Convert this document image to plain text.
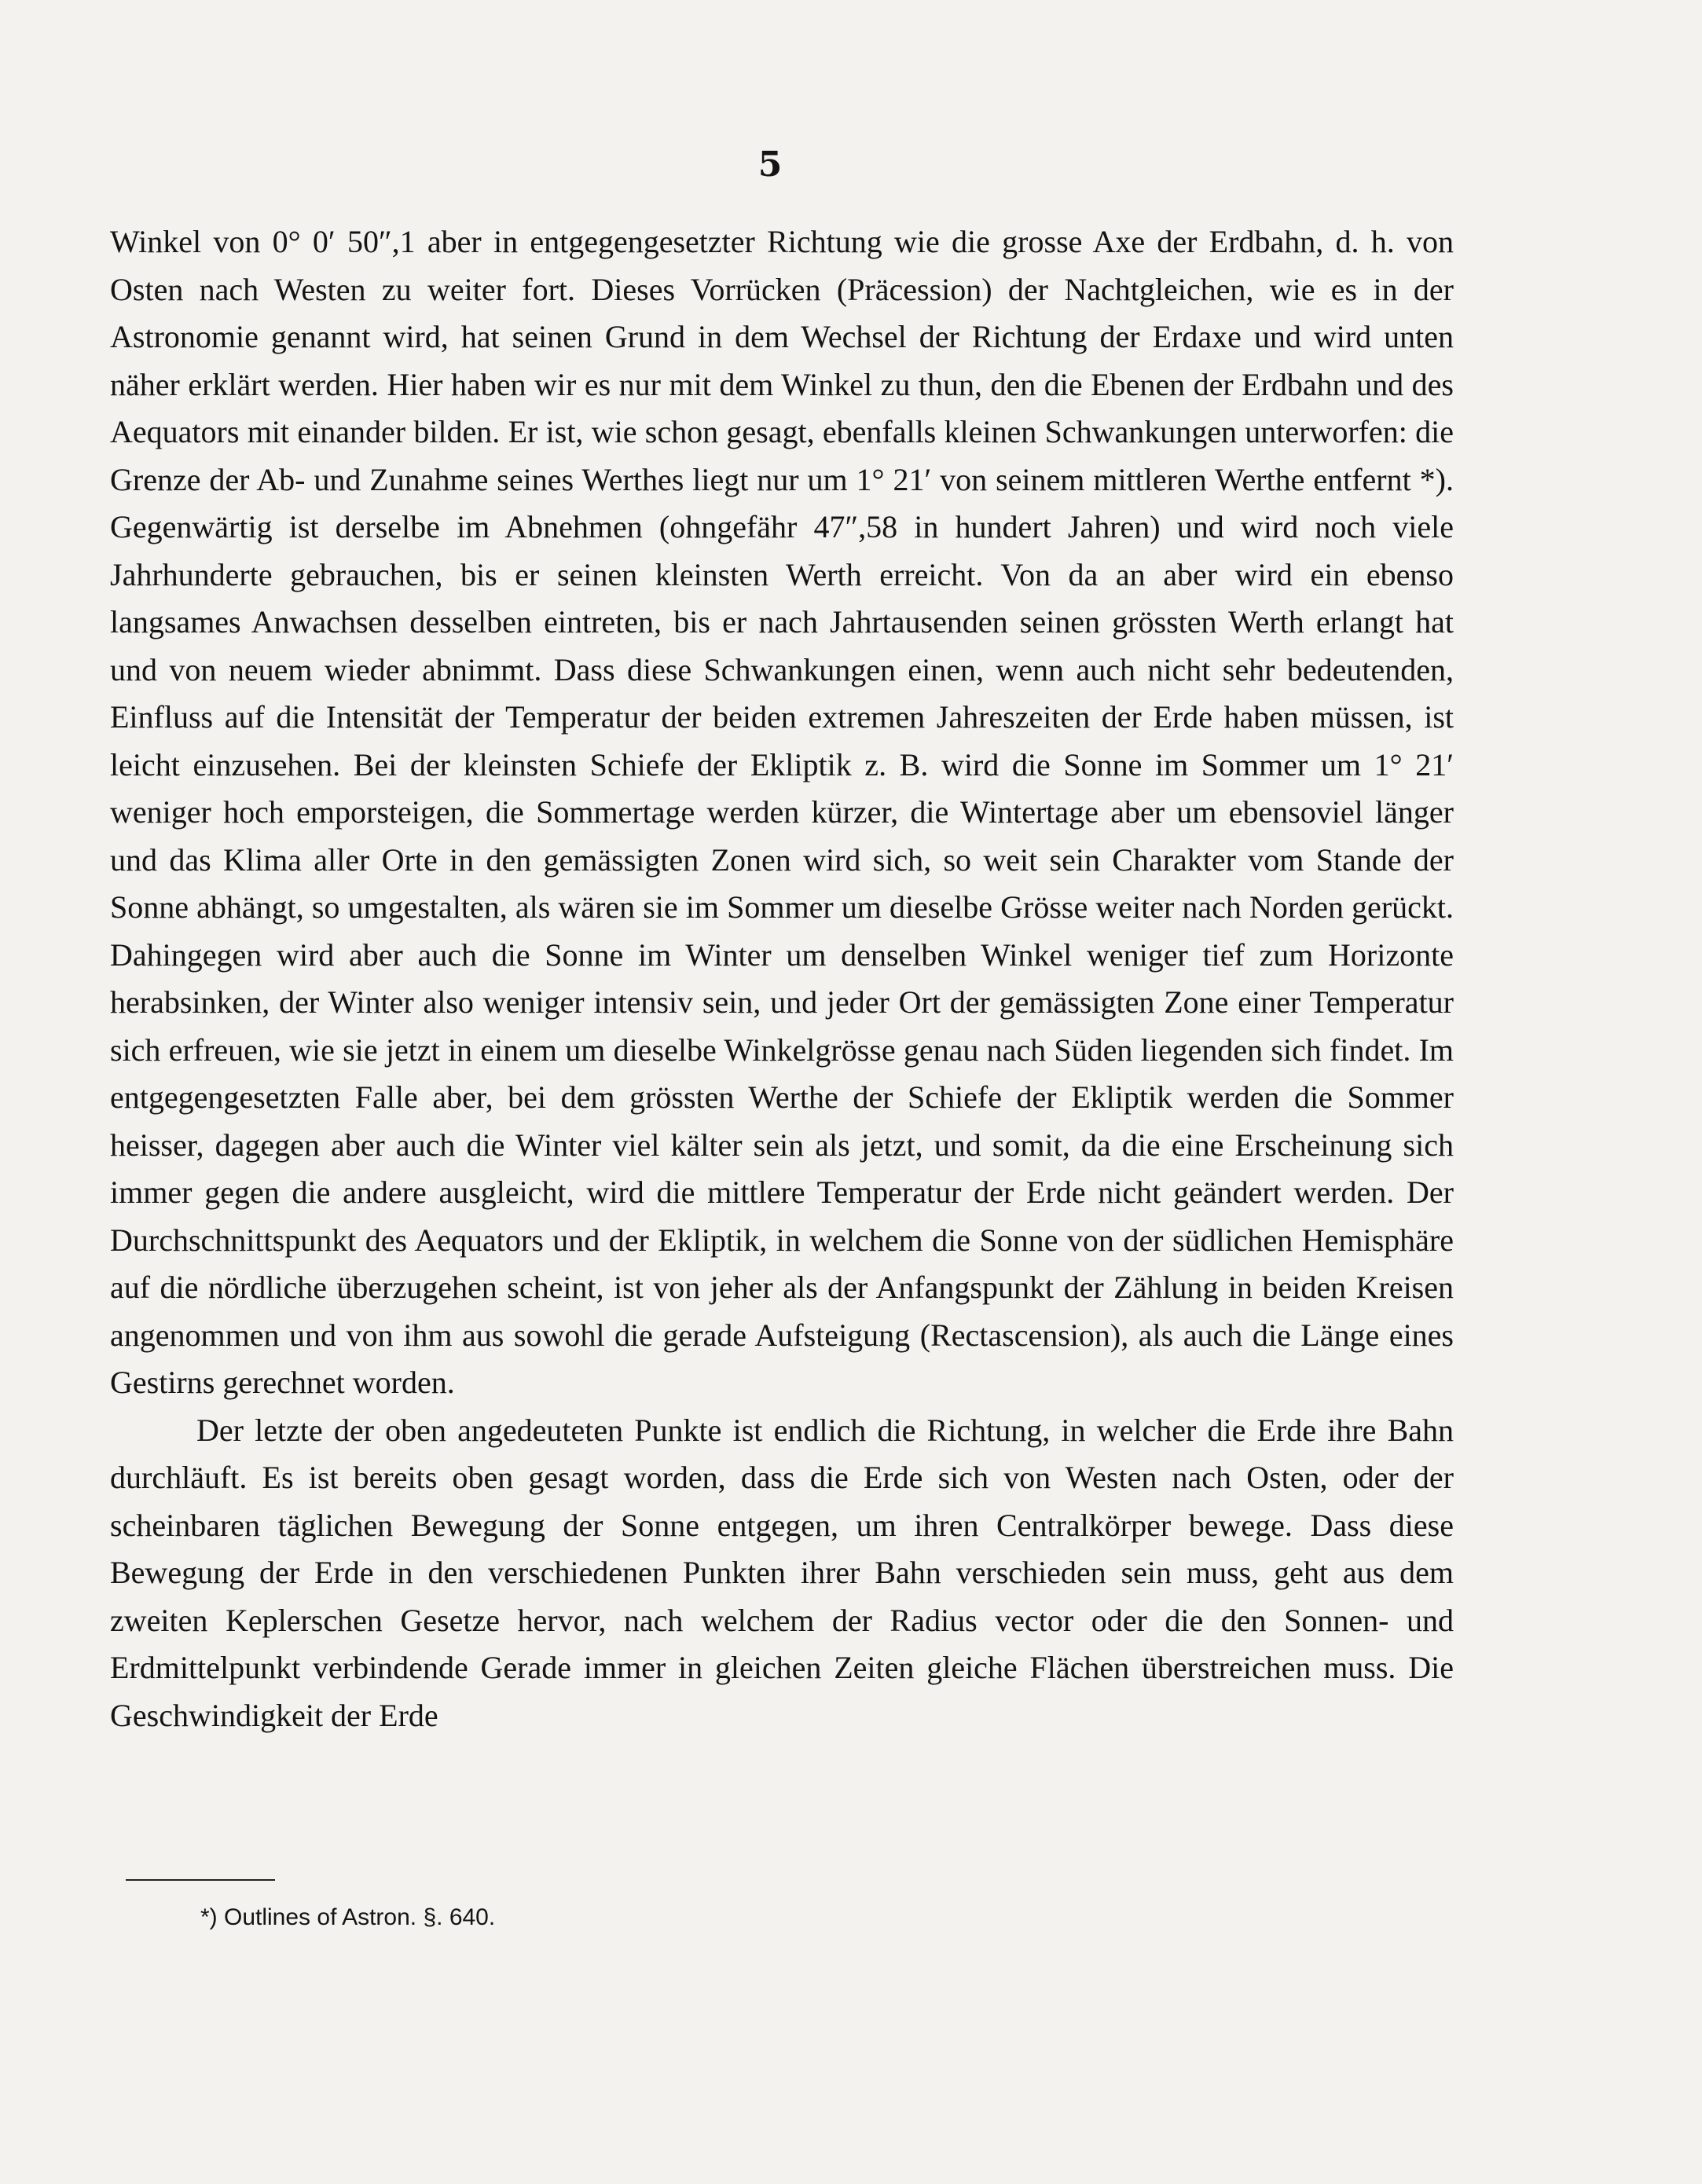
5

Winkel von 0° 0′ 50″,1 aber in entgegengesetzter Richtung wie die grosse Axe der Erdbahn, d. h. von Osten nach Westen zu weiter fort. Dieses Vorrücken (Präcession) der Nachtgleichen, wie es in der Astronomie genannt wird, hat seinen Grund in dem Wechsel der Richtung der Erdaxe und wird unten näher erklärt werden. Hier haben wir es nur mit dem Winkel zu thun, den die Ebenen der Erdbahn und des Aequators mit einander bilden. Er ist, wie schon gesagt, ebenfalls kleinen Schwankungen unterworfen: die Grenze der Ab- und Zunahme seines Werthes liegt nur um 1° 21′ von seinem mittleren Werthe entfernt *). Gegenwärtig ist derselbe im Abnehmen (ohngefähr 47″,58 in hundert Jahren) und wird noch viele Jahrhunderte gebrauchen, bis er seinen kleinsten Werth erreicht. Von da an aber wird ein ebenso langsames Anwachsen desselben eintreten, bis er nach Jahrtausenden seinen grössten Werth erlangt hat und von neuem wieder abnimmt. Dass diese Schwankungen einen, wenn auch nicht sehr bedeutenden, Einfluss auf die Intensität der Temperatur der beiden extremen Jahreszeiten der Erde haben müssen, ist leicht einzusehen. Bei der kleinsten Schiefe der Ekliptik z. B. wird die Sonne im Sommer um 1° 21′ weniger hoch emporsteigen, die Sommertage werden kürzer, die Wintertage aber um ebensoviel länger und das Klima aller Orte in den gemässigten Zonen wird sich, so weit sein Charakter vom Stande der Sonne abhängt, so umgestalten, als wären sie im Sommer um dieselbe Grösse weiter nach Norden gerückt. Dahingegen wird aber auch die Sonne im Winter um denselben Winkel weniger tief zum Horizonte herabsinken, der Winter also weniger intensiv sein, und jeder Ort der gemässigten Zone einer Temperatur sich erfreuen, wie sie jetzt in einem um dieselbe Winkelgrösse genau nach Süden liegenden sich findet. Im entgegengesetzten Falle aber, bei dem grössten Werthe der Schiefe der Ekliptik werden die Sommer heisser, dagegen aber auch die Winter viel kälter sein als jetzt, und somit, da die eine Erscheinung sich immer gegen die andere ausgleicht, wird die mittlere Temperatur der Erde nicht geändert werden. Der Durchschnittspunkt des Aequators und der Ekliptik, in welchem die Sonne von der südlichen Hemisphäre auf die nördliche überzugehen scheint, ist von jeher als der Anfangspunkt der Zählung in beiden Kreisen angenommen und von ihm aus sowohl die gerade Aufsteigung (Rectascension), als auch die Länge eines Gestirns gerechnet worden.

Der letzte der oben angedeuteten Punkte ist endlich die Richtung, in welcher die Erde ihre Bahn durchläuft. Es ist bereits oben gesagt worden, dass die Erde sich von Westen nach Osten, oder der scheinbaren täglichen Bewegung der Sonne entgegen, um ihren Centralkörper bewege. Dass diese Bewegung der Erde in den verschiedenen Punkten ihrer Bahn verschieden sein muss, geht aus dem zweiten Keplerschen Gesetze hervor, nach welchem der Radius vector oder die den Sonnen- und Erdmittelpunkt verbindende Gerade immer in gleichen Zeiten gleiche Flächen überstreichen muss. Die Geschwindigkeit der Erde

*) Outlines of Astron. §. 640.
